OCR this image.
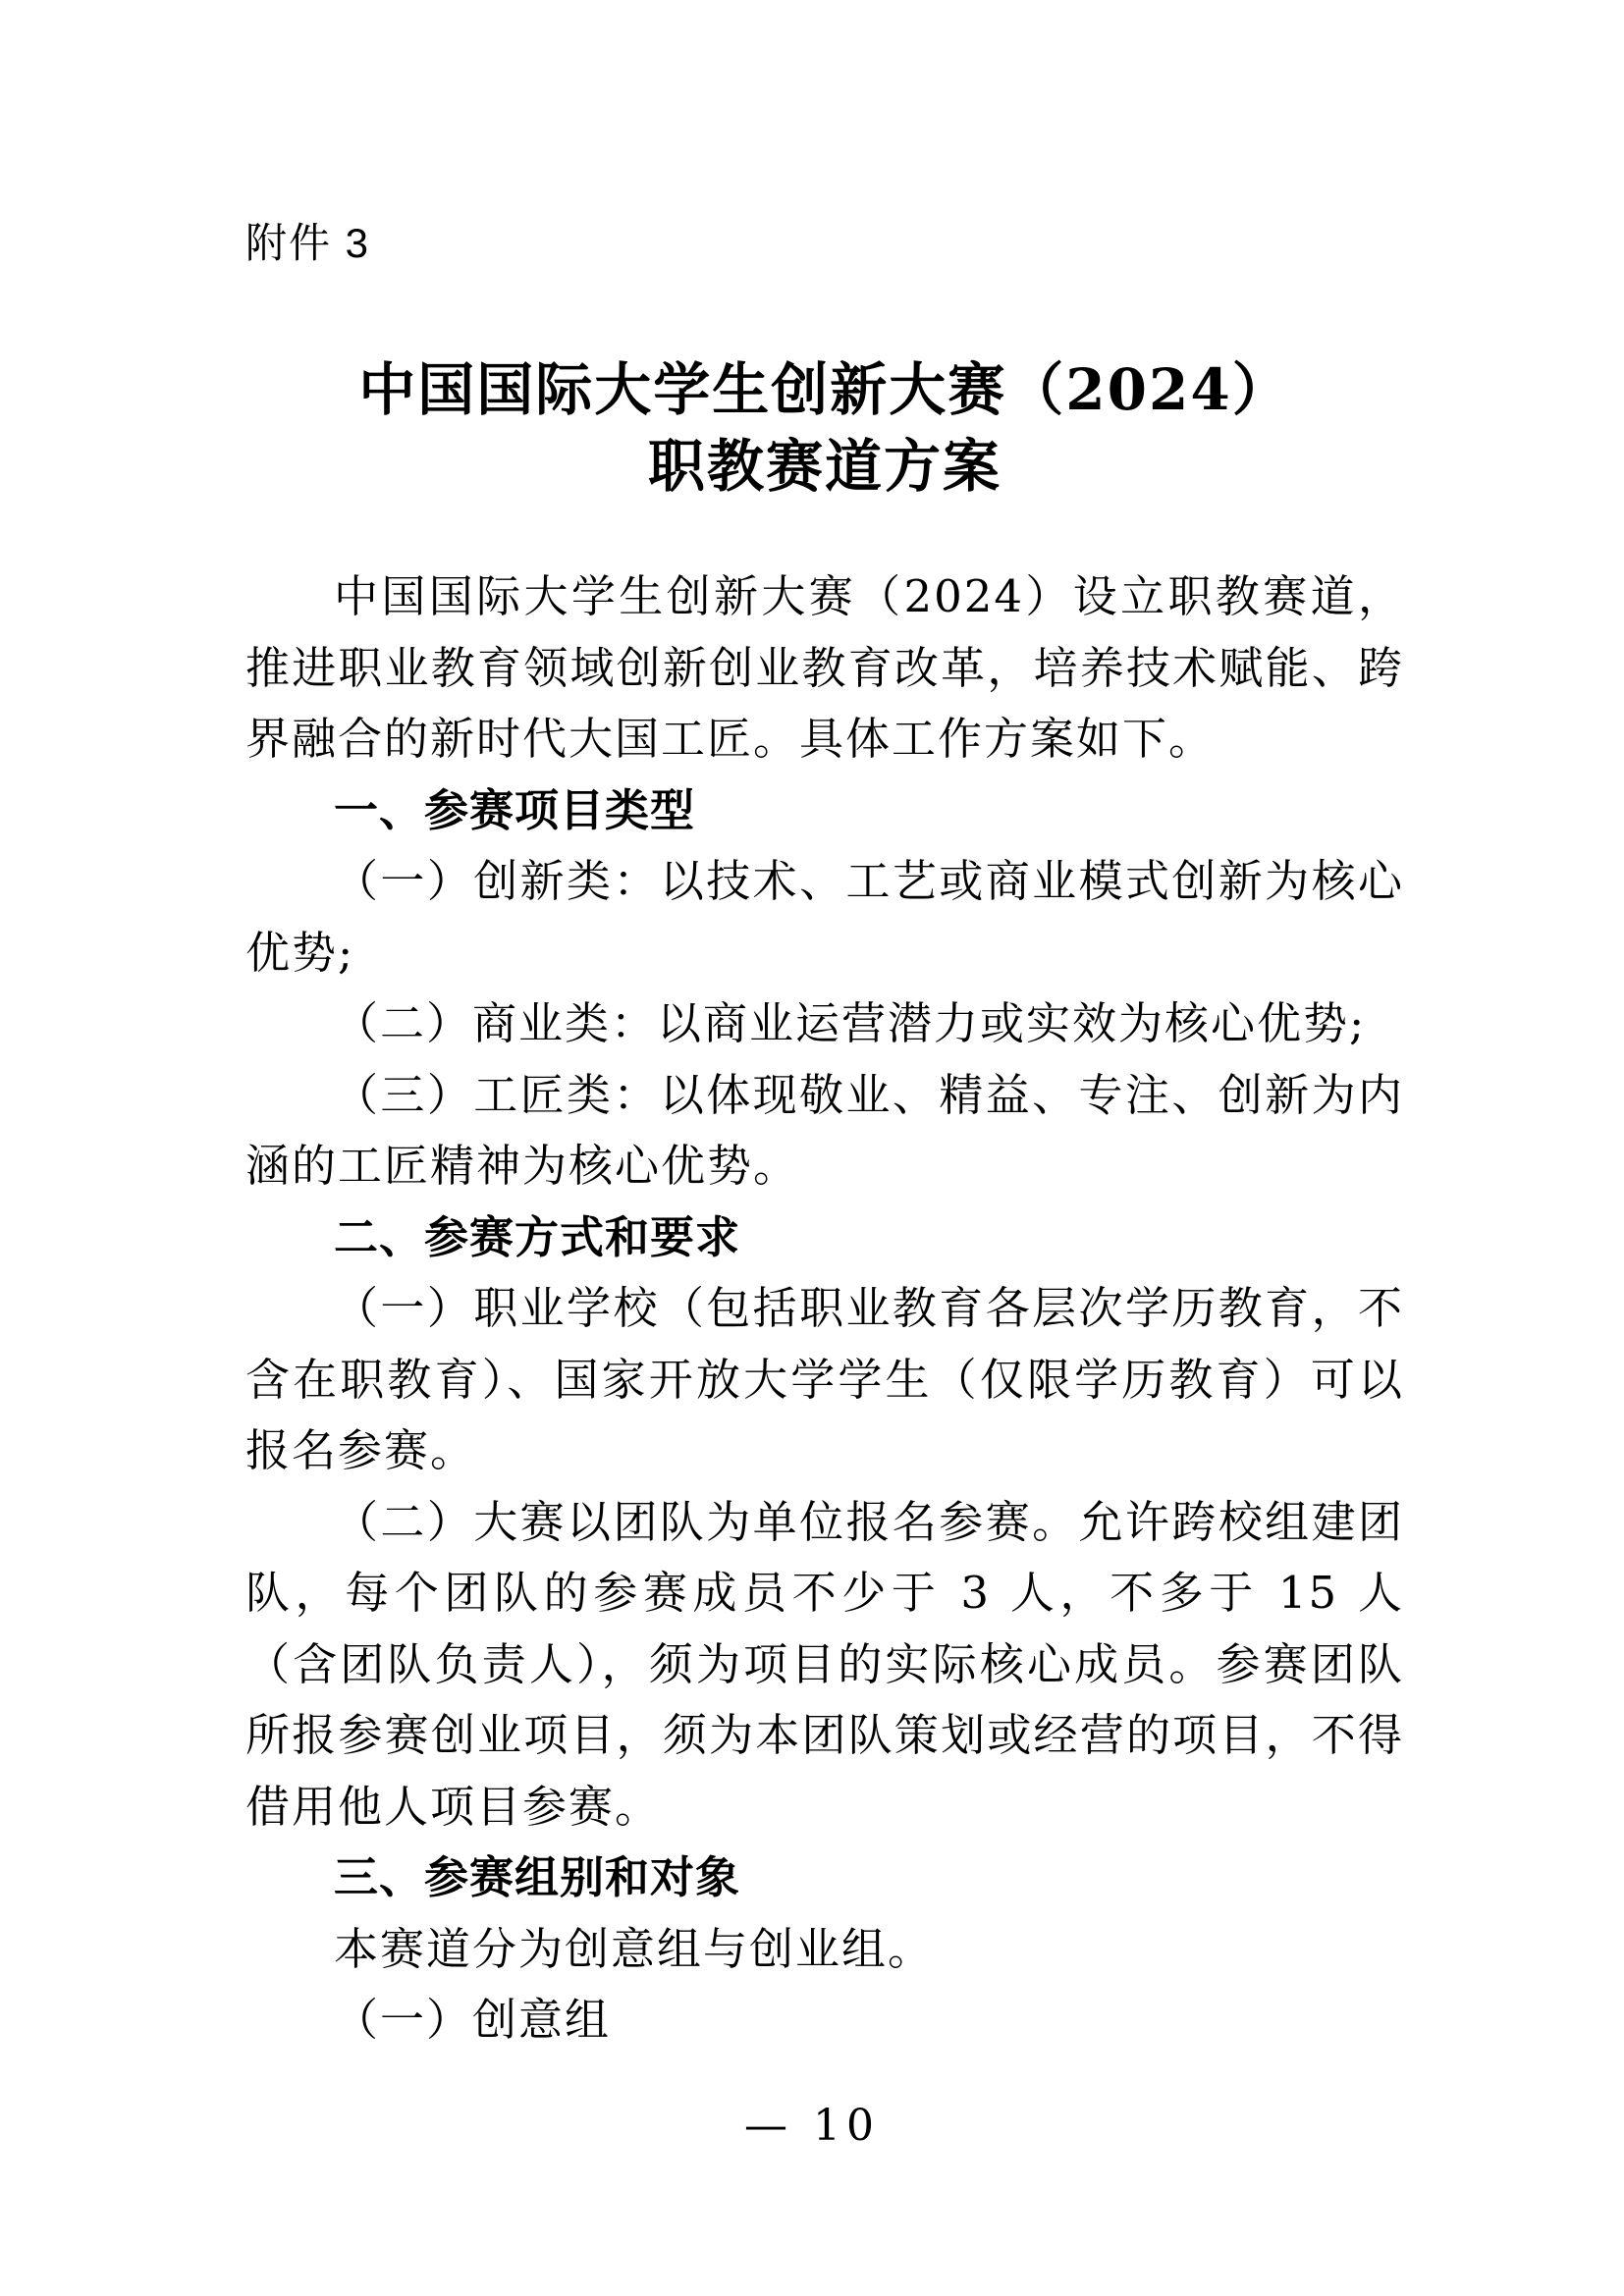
附件 3
中国国际大学生创新大赛（2024）
职教赛道方案

中国国际大学生创新大赛（2024）设立职教赛道，推进职业教育领域创新创业教育改革，培养技术赋能、跨界融合的新时代大国工匠。具体工作方案如下。

一、参赛项目类型

（一）创新类：以技术、工艺或商业模式创新为核心优势;

（二）商业类：以商业运营潜力或实效为核心优势;

（三）工匠类：以体现敬业、精益、专注、创新为内涵的工匠精神为核心优势。

二、参赛方式和要求

（一）职业学校（包括职业教育各层次学历教育，不含在职教育）、国家开放大学学生（仅限学历教育）可以报名参赛。

（二）大赛以团队为单位报名参赛。允许跨校组建团队，每个团队的参赛成员不少于 3 人，不多于 15 人（含团队负责人），须为项目的实际核心成员。参赛团队所报参赛创业项目，须为本团队策划或经营的项目，不得借用他人项目参赛。

三、参赛组别和对象

本赛道分为创意组与创业组。

（一）创意组

— 10
